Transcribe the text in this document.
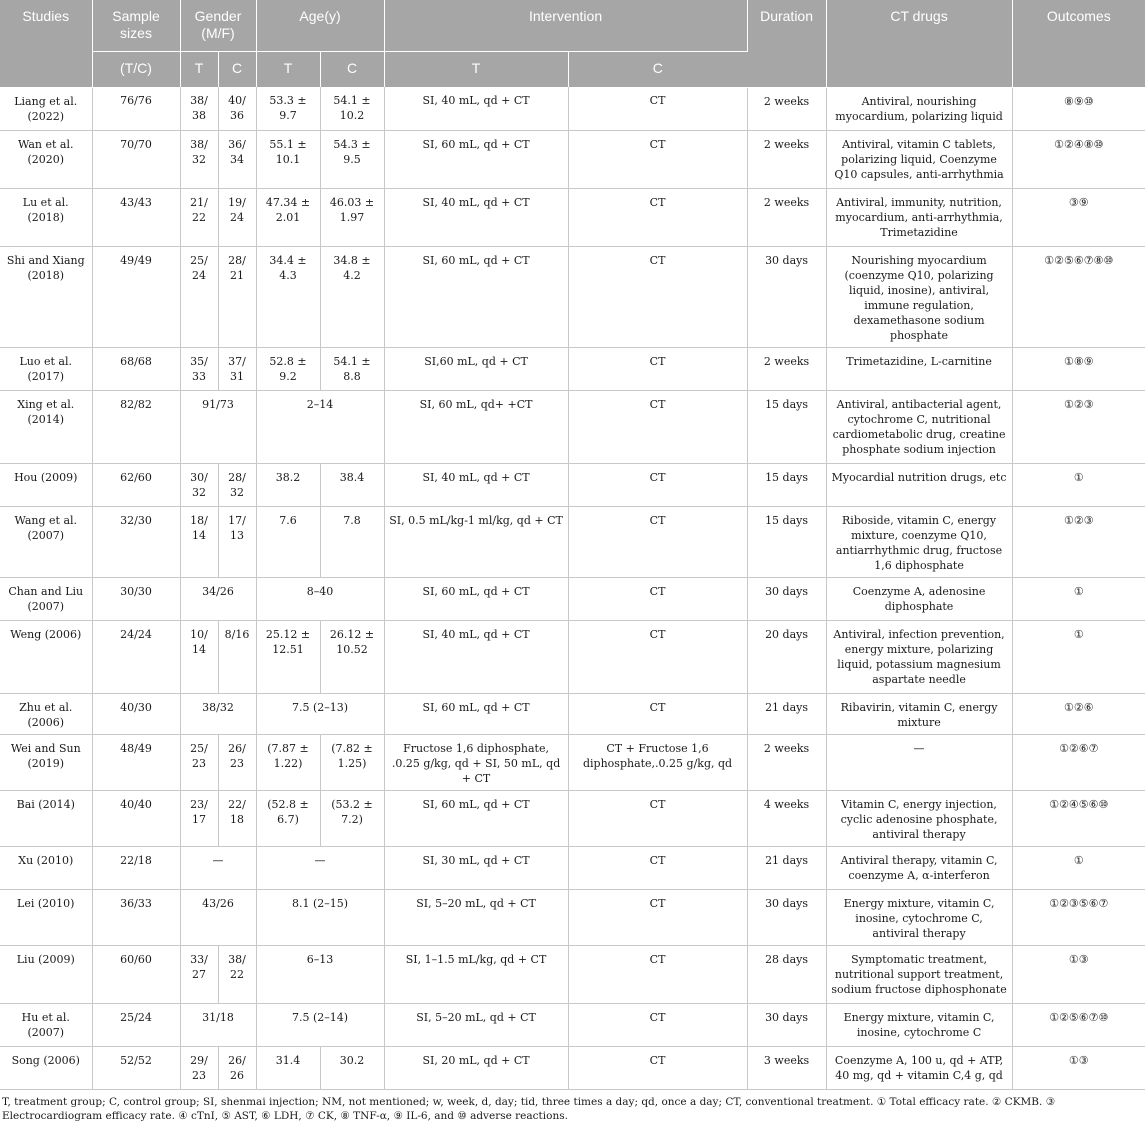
Studies	Sample sizes	Gender (M/F)		Age(y)		Intervention		Duration	CT drugs	Outcomes
	(T/C)	T	C	T	C	T	C			
Liang et al. (2022)	76/76	38/ 38	40/ 36	53.3 ± 9.7	54.1 ± 10.2	SI, 40 mL, qd + CT	CT	2 weeks	Antiviral, nourishing myocardium, polarizing liquid	⑧⑨⑩
Wan et al. (2020)	70/70	38/ 32	36/ 34	55.1 ± 10.1	54.3 ± 9.5	SI, 60 mL, qd + CT	CT	2 weeks	Antiviral, vitamin C tablets, polarizing liquid, Coenzyme Q10 capsules, anti-arrhythmia	①②④⑧⑩
Lu et al. (2018)	43/43	21/ 22	19/ 24	47.34 ± 2.01	46.03 ± 1.97	SI, 40 mL, qd + CT	CT	2 weeks	Antiviral, immunity, nutrition, myocardium, anti-arrhythmia, Trimetazidine	③⑨
Shi and Xiang (2018)	49/49	25/ 24	28/ 21	34.4 ± 4.3	34.8 ± 4.2	SI, 60 mL, qd + CT	CT	30 days	Nourishing myocardium (coenzyme Q10, polarizing liquid, inosine), antiviral, immune regulation, dexamethasone sodium phosphate	①②⑤⑥⑦⑧⑩
Luo et al. (2017)	68/68	35/ 33	37/ 31	52.8 ± 9.2	54.1 ± 8.8	SI,60 mL, qd + CT	CT	2 weeks	Trimetazidine, L-carnitine	①⑧⑨
Xing et al. (2014)	82/82	91/73		2–14		SI, 60 mL, qd+ +CT	CT	15 days	Antiviral, antibacterial agent, cytochrome C, nutritional cardiometabolic drug, creatine phosphate sodium injection	①②③
Hou (2009)	62/60	30/ 32	28/ 32	38.2	38.4	SI, 40 mL, qd + CT	CT	15 days	Myocardial nutrition drugs, etc	①
Wang et al. (2007)	32/30	18/ 14	17/ 13	7.6	7.8	SI, 0.5 mL/kg-1 ml/kg, qd + CT	CT	15 days	Riboside, vitamin C, energy mixture, coenzyme Q10, antiarrhythmic drug, fructose 1,6 diphosphate	①②③
Chan and Liu (2007)	30/30	34/26		8–40		SI, 60 mL, qd + CT	CT	30 days	Coenzyme A, adenosine diphosphate	①
Weng (2006)	24/24	10/ 14	8/16	25.12 ± 12.51	26.12 ± 10.52	SI, 40 mL, qd + CT	CT	20 days	Antiviral, infection prevention, energy mixture, polarizing liquid, potassium magnesium aspartate needle	①
Zhu et al. (2006)	40/30	38/32		7.5 (2–13)		SI, 60 mL, qd + CT	CT	21 days	Ribavirin, vitamin C, energy mixture	①②⑥
Wei and Sun (2019)	48/49	25/ 23	26/ 23	(7.87 ± 1.22)	(7.82 ± 1.25)	Fructose 1,6 diphosphate, .0.25 g/kg, qd + SI, 50 mL, qd + CT	CT + Fructose 1,6 diphosphate,.0.25 g/kg, qd	2 weeks	—	①②⑥⑦
Bai (2014)	40/40	23/ 17	22/ 18	(52.8 ± 6.7)	(53.2 ± 7.2)	SI, 60 mL, qd + CT	CT	4 weeks	Vitamin C, energy injection, cyclic adenosine phosphate, antiviral therapy	①②④⑤⑥⑩
Xu (2010)	22/18	—		—		SI, 30 mL, qd + CT	CT	21 days	Antiviral therapy, vitamin C, coenzyme A, α-interferon	①
Lei (2010)	36/33	43/26		8.1 (2–15)		SI, 5–20 mL, qd + CT	CT	30 days	Energy mixture, vitamin C, inosine, cytochrome C, antiviral therapy	①②③⑤⑥⑦
Liu (2009)	60/60	33/ 27	38/ 22	6–13		SI, 1–1.5 mL/kg, qd + CT	CT	28 days	Symptomatic treatment, nutritional support treatment, sodium fructose diphosphonate	①③
Hu et al. (2007)	25/24	31/18		7.5 (2–14)		SI, 5–20 mL, qd + CT	CT	30 days	Energy mixture, vitamin C, inosine, cytochrome C	①②⑤⑥⑦⑩
Song (2006)	52/52	29/ 23	26/ 26	31.4	30.2	SI, 20 mL, qd + CT	CT	3 weeks	Coenzyme A, 100 u, qd + ATP, 40 mg, qd + vitamin C,4 g, qd	①③
T, treatment group; C, control group; SI, shenmai injection; NM, not mentioned; w, week, d, day; tid, three times a day; qd, once a day; CT, conventional treatment. ① Total efficacy rate. ② CKMB. ③ Electrocardiogram efficacy rate. ④ cTnI, ⑤ AST, ⑥ LDH, ⑦ CK, ⑧ TNF-α, ⑨ IL-6, and ⑩ adverse reactions.
